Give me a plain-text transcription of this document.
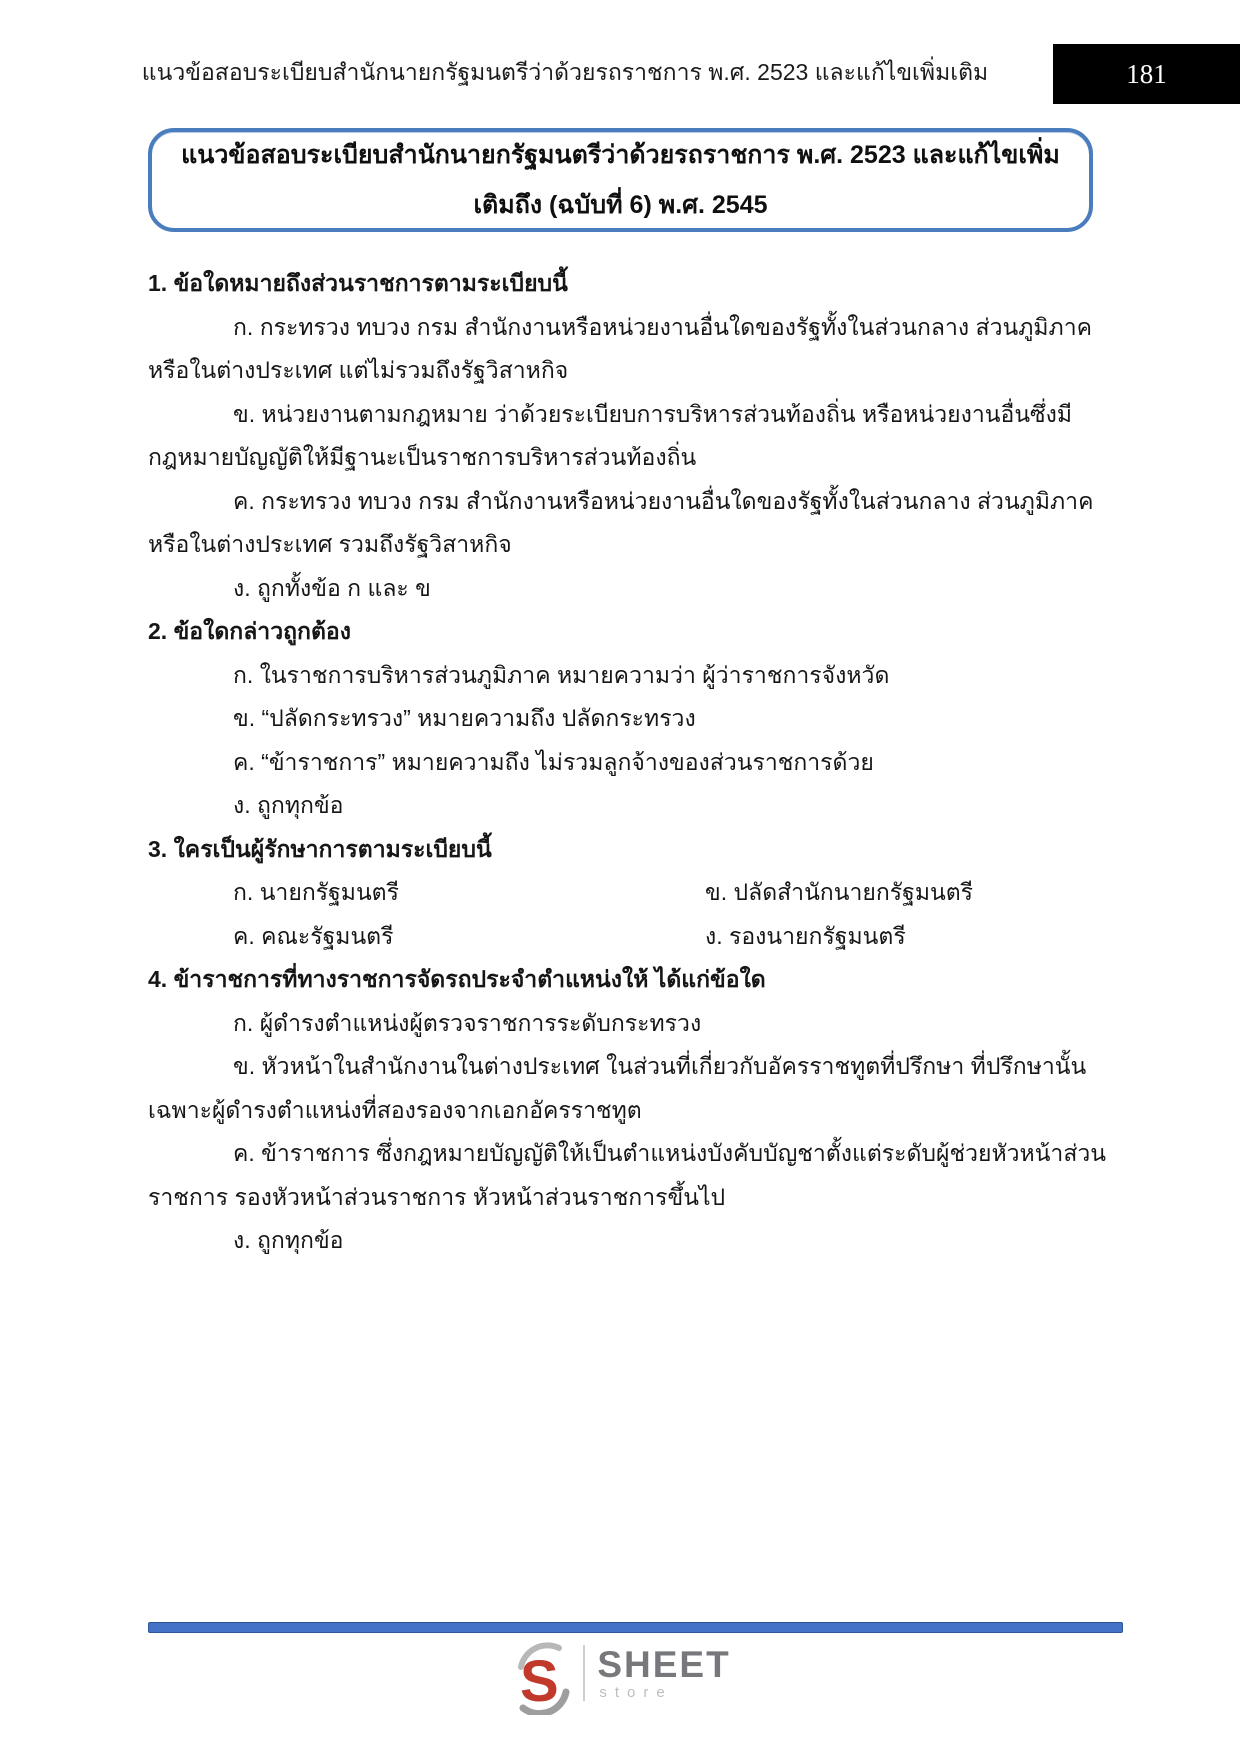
แนวข้อสอบระเบียบสำนักนายกรัฐมนตรีว่าด้วยรถราชการ พ.ศ. 2523 และแก้ไขเพิ่มเติม	181
แนวข้อสอบระเบียบสำนักนายกรัฐมนตรีว่าด้วยรถราชการ พ.ศ. 2523 และแก้ไขเพิ่มเติมถึง (ฉบับที่ 6) พ.ศ. 2545

1. ข้อใดหมายถึงส่วนราชการตามระเบียบนี้

ก. กระทรวง ทบวง กรม สำนักงานหรือหน่วยงานอื่นใดของรัฐทั้งในส่วนกลาง ส่วนภูมิภาค

หรือในต่างประเทศ แต่ไม่รวมถึงรัฐวิสาหกิจ

ข. หน่วยงานตามกฎหมาย ว่าด้วยระเบียบการบริหารส่วนท้องถิ่น หรือหน่วยงานอื่นซึ่งมี

กฎหมายบัญญัติให้มีฐานะเป็นราชการบริหารส่วนท้องถิ่น

ค. กระทรวง ทบวง กรม สำนักงานหรือหน่วยงานอื่นใดของรัฐทั้งในส่วนกลาง ส่วนภูมิภาค

หรือในต่างประเทศ รวมถึงรัฐวิสาหกิจ

ง. ถูกทั้งข้อ ก และ ข

2. ข้อใดกล่าวถูกต้อง

ก. ในราชการบริหารส่วนภูมิภาค หมายความว่า ผู้ว่าราชการจังหวัด

ข. “ปลัดกระทรวง” หมายความถึง ปลัดกระทรวง

ค. “ข้าราชการ” หมายความถึง ไม่รวมลูกจ้างของส่วนราชการด้วย

ง. ถูกทุกข้อ

3. ใครเป็นผู้รักษาการตามระเบียบนี้

ก. นายกรัฐมนตรี	ข. ปลัดสำนักนายกรัฐมนตรี
ค. คณะรัฐมนตรี	ง. รองนายกรัฐมนตรี

4. ข้าราชการที่ทางราชการจัดรถประจำตำแหน่งให้ ได้แก่ข้อใด

ก. ผู้ดำรงตำแหน่งผู้ตรวจราชการระดับกระทรวง

ข. หัวหน้าในสำนักงานในต่างประเทศ ในส่วนที่เกี่ยวกับอัครราชทูตที่ปรึกษา ที่ปรึกษานั้น

เฉพาะผู้ดำรงตำแหน่งที่สองรองจากเอกอัครราชทูต

ค. ข้าราชการ ซึ่งกฎหมายบัญญัติให้เป็นตำแหน่งบังคับบัญชาตั้งแต่ระดับผู้ช่วยหัวหน้าส่วน

ราชการ รองหัวหน้าส่วนราชการ หัวหน้าส่วนราชการขึ้นไป

ง. ถูกทุกข้อ

S SHEET
store
